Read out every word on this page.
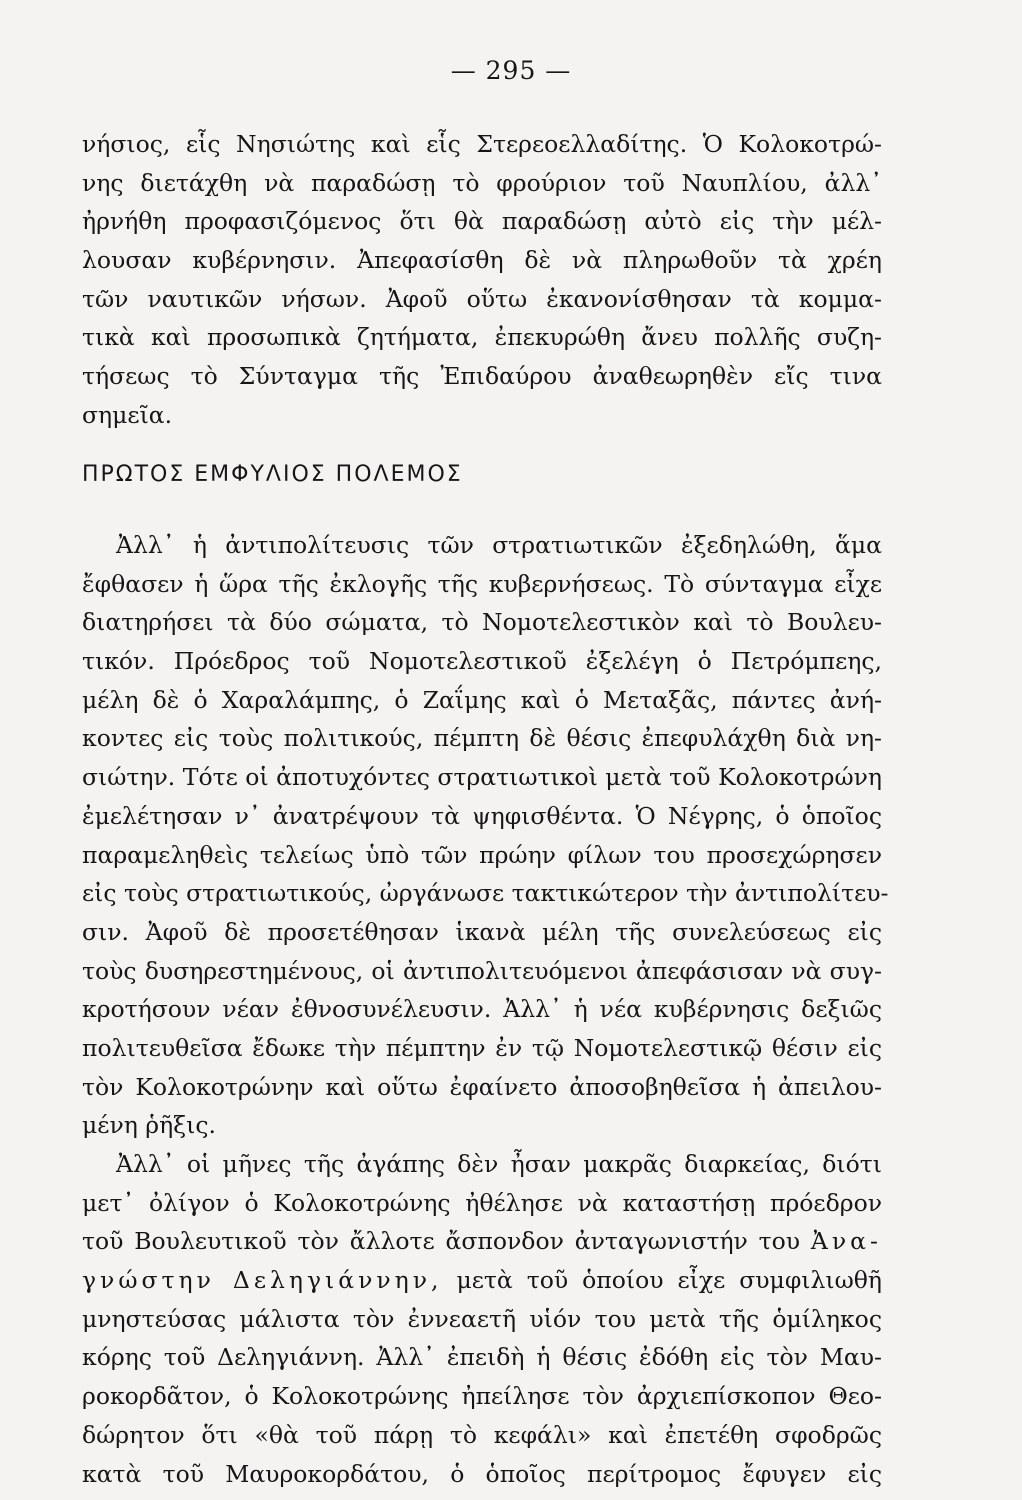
— 295 —
νήσιος, εἷς Νησιώτης καὶ εἷς Στερεοελλαδίτης. Ὁ Κολοκοτρώ-
νης διετάχθη νὰ παραδώσῃ τὸ φρούριον τοῦ Ναυπλίου, ἀλλ᾿
ἠρνήθη προφασιζόμενος ὅτι θὰ παραδώσῃ αὐτὸ εἰς τὴν μέλ-
λουσαν κυβέρνησιν. Ἀπεφασίσθη δὲ νὰ πληρωθοῦν τὰ χρέη
τῶν ναυτικῶν νήσων. Ἀφοῦ οὕτω ἐκανονίσθησαν τὰ κομμα-
τικὰ καὶ προσωπικὰ ζητήματα, ἐπεκυρώθη ἄνευ πολλῆς συζη-
τήσεως τὸ Σύνταγμα τῆς Ἐπιδαύρου ἀναθεωρηθὲν εἴς τινα
σημεῖα.
ΠΡΩΤΟΣ ΕΜΦΥΛΙΟΣ ΠΟΛΕΜΟΣ
Ἀλλ᾿ ἡ ἀντιπολίτευσις τῶν στρατιωτικῶν ἐξεδηλώθη, ἅμα
ἔφθασεν ἡ ὥρα τῆς ἐκλογῆς τῆς κυβερνήσεως. Τὸ σύνταγμα εἶχε
διατηρήσει τὰ δύο σώματα, τὸ Νομοτελεστικὸν καὶ τὸ Βουλευ-
τικόν. Πρόεδρος τοῦ Νομοτελεστικοῦ ἐξελέγη ὁ Πετρόμπεης,
μέλη δὲ ὁ Χαραλάμπης, ὁ Ζαΐμης καὶ ὁ Μεταξᾶς, πάντες ἀνή-
κοντες εἰς τοὺς πολιτικούς, πέμπτη δὲ θέσις ἐπεφυλάχθη διὰ νη-
σιώτην. Τότε οἱ ἀποτυχόντες στρατιωτικοὶ μετὰ τοῦ Κολοκοτρώνη
ἐμελέτησαν ν᾿ ἀνατρέψουν τὰ ψηφισθέντα. Ὁ Νέγρης, ὁ ὁποῖος
παραμεληθεὶς τελείως ὑπὸ τῶν πρώην φίλων του προσεχώρησεν
εἰς τοὺς στρατιωτικούς, ὠργάνωσε τακτικώτερον τὴν ἀντιπολίτευ-
σιν. Ἀφοῦ δὲ προσετέθησαν ἱκανὰ μέλη τῆς συνελεύσεως εἰς
τοὺς δυσηρεστημένους, οἱ ἀντιπολιτευόμενοι ἀπεφάσισαν νὰ συγ-
κροτήσουν νέαν ἐθνοσυνέλευσιν. Ἀλλ᾿ ἡ νέα κυβέρνησις δεξιῶς
πολιτευθεῖσα ἔδωκε τὴν πέμπτην ἐν τῷ Νομοτελεστικῷ θέσιν εἰς
τὸν Κολοκοτρώνην καὶ οὕτω ἐφαίνετο ἀποσοβηθεῖσα ἡ ἀπειλου-
μένη ῥῆξις.
Ἀλλ᾿ οἱ μῆνες τῆς ἀγάπης δὲν ἦσαν μακρᾶς διαρκείας, διότι
μετ᾿ ὀλίγον ὁ Κολοκοτρώνης ἠθέλησε νὰ καταστήσῃ πρόεδρον
τοῦ Βουλευτικοῦ τὸν ἄλλοτε ἄσπονδον ἀνταγωνιστήν του Ἀνα-
γνώστην Δεληγιάννην, μετὰ τοῦ ὁποίου εἶχε συμφιλιωθῆ
μνηστεύσας μάλιστα τὸν ἐννεαετῆ υἱόν του μετὰ τῆς ὁμίληκος
κόρης τοῦ Δεληγιάννη. Ἀλλ᾿ ἐπειδὴ ἡ θέσις ἐδόθη εἰς τὸν Μαυ-
ροκορδᾶτον, ὁ Κολοκοτρώνης ἠπείλησε τὸν ἀρχιεπίσκοπον Θεο-
δώρητον ὅτι «θὰ τοῦ πάρῃ τὸ κεφάλι» καὶ ἐπετέθη σφοδρῶς
κατὰ τοῦ Μαυροκορδάτου, ὁ ὁποῖος περίτρομος ἔφυγεν εἰς
